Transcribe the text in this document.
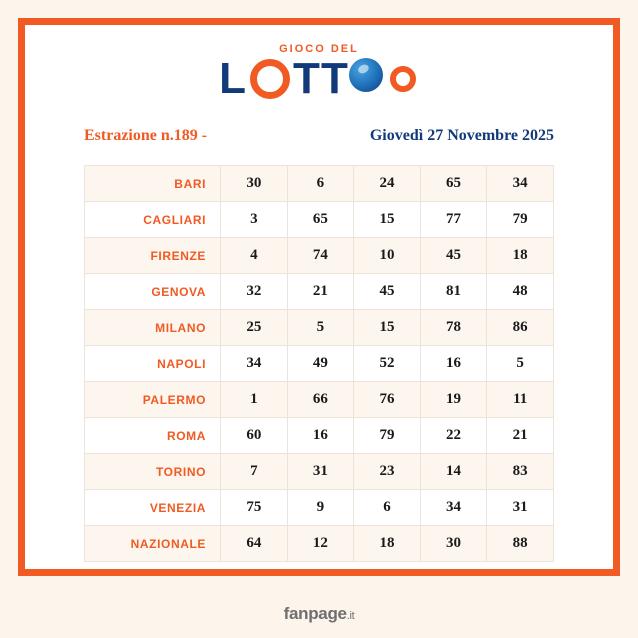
GIOCO DEL
L T T
Estrazione n.189 -	Giovedì 27 Novembre 2025
BARI	30	6	24	65	34
CAGLIARI	3	65	15	77	79
FIRENZE	4	74	10	45	18
GENOVA	32	21	45	81	48
MILANO	25	5	15	78	86
NAPOLI	34	49	52	16	5
PALERMO	1	66	76	19	11
ROMA	60	16	79	22	21
TORINO	7	31	23	14	83
VENEZIA	75	9	6	34	31
NAZIONALE	64	12	18	30	88
fanpage.it
